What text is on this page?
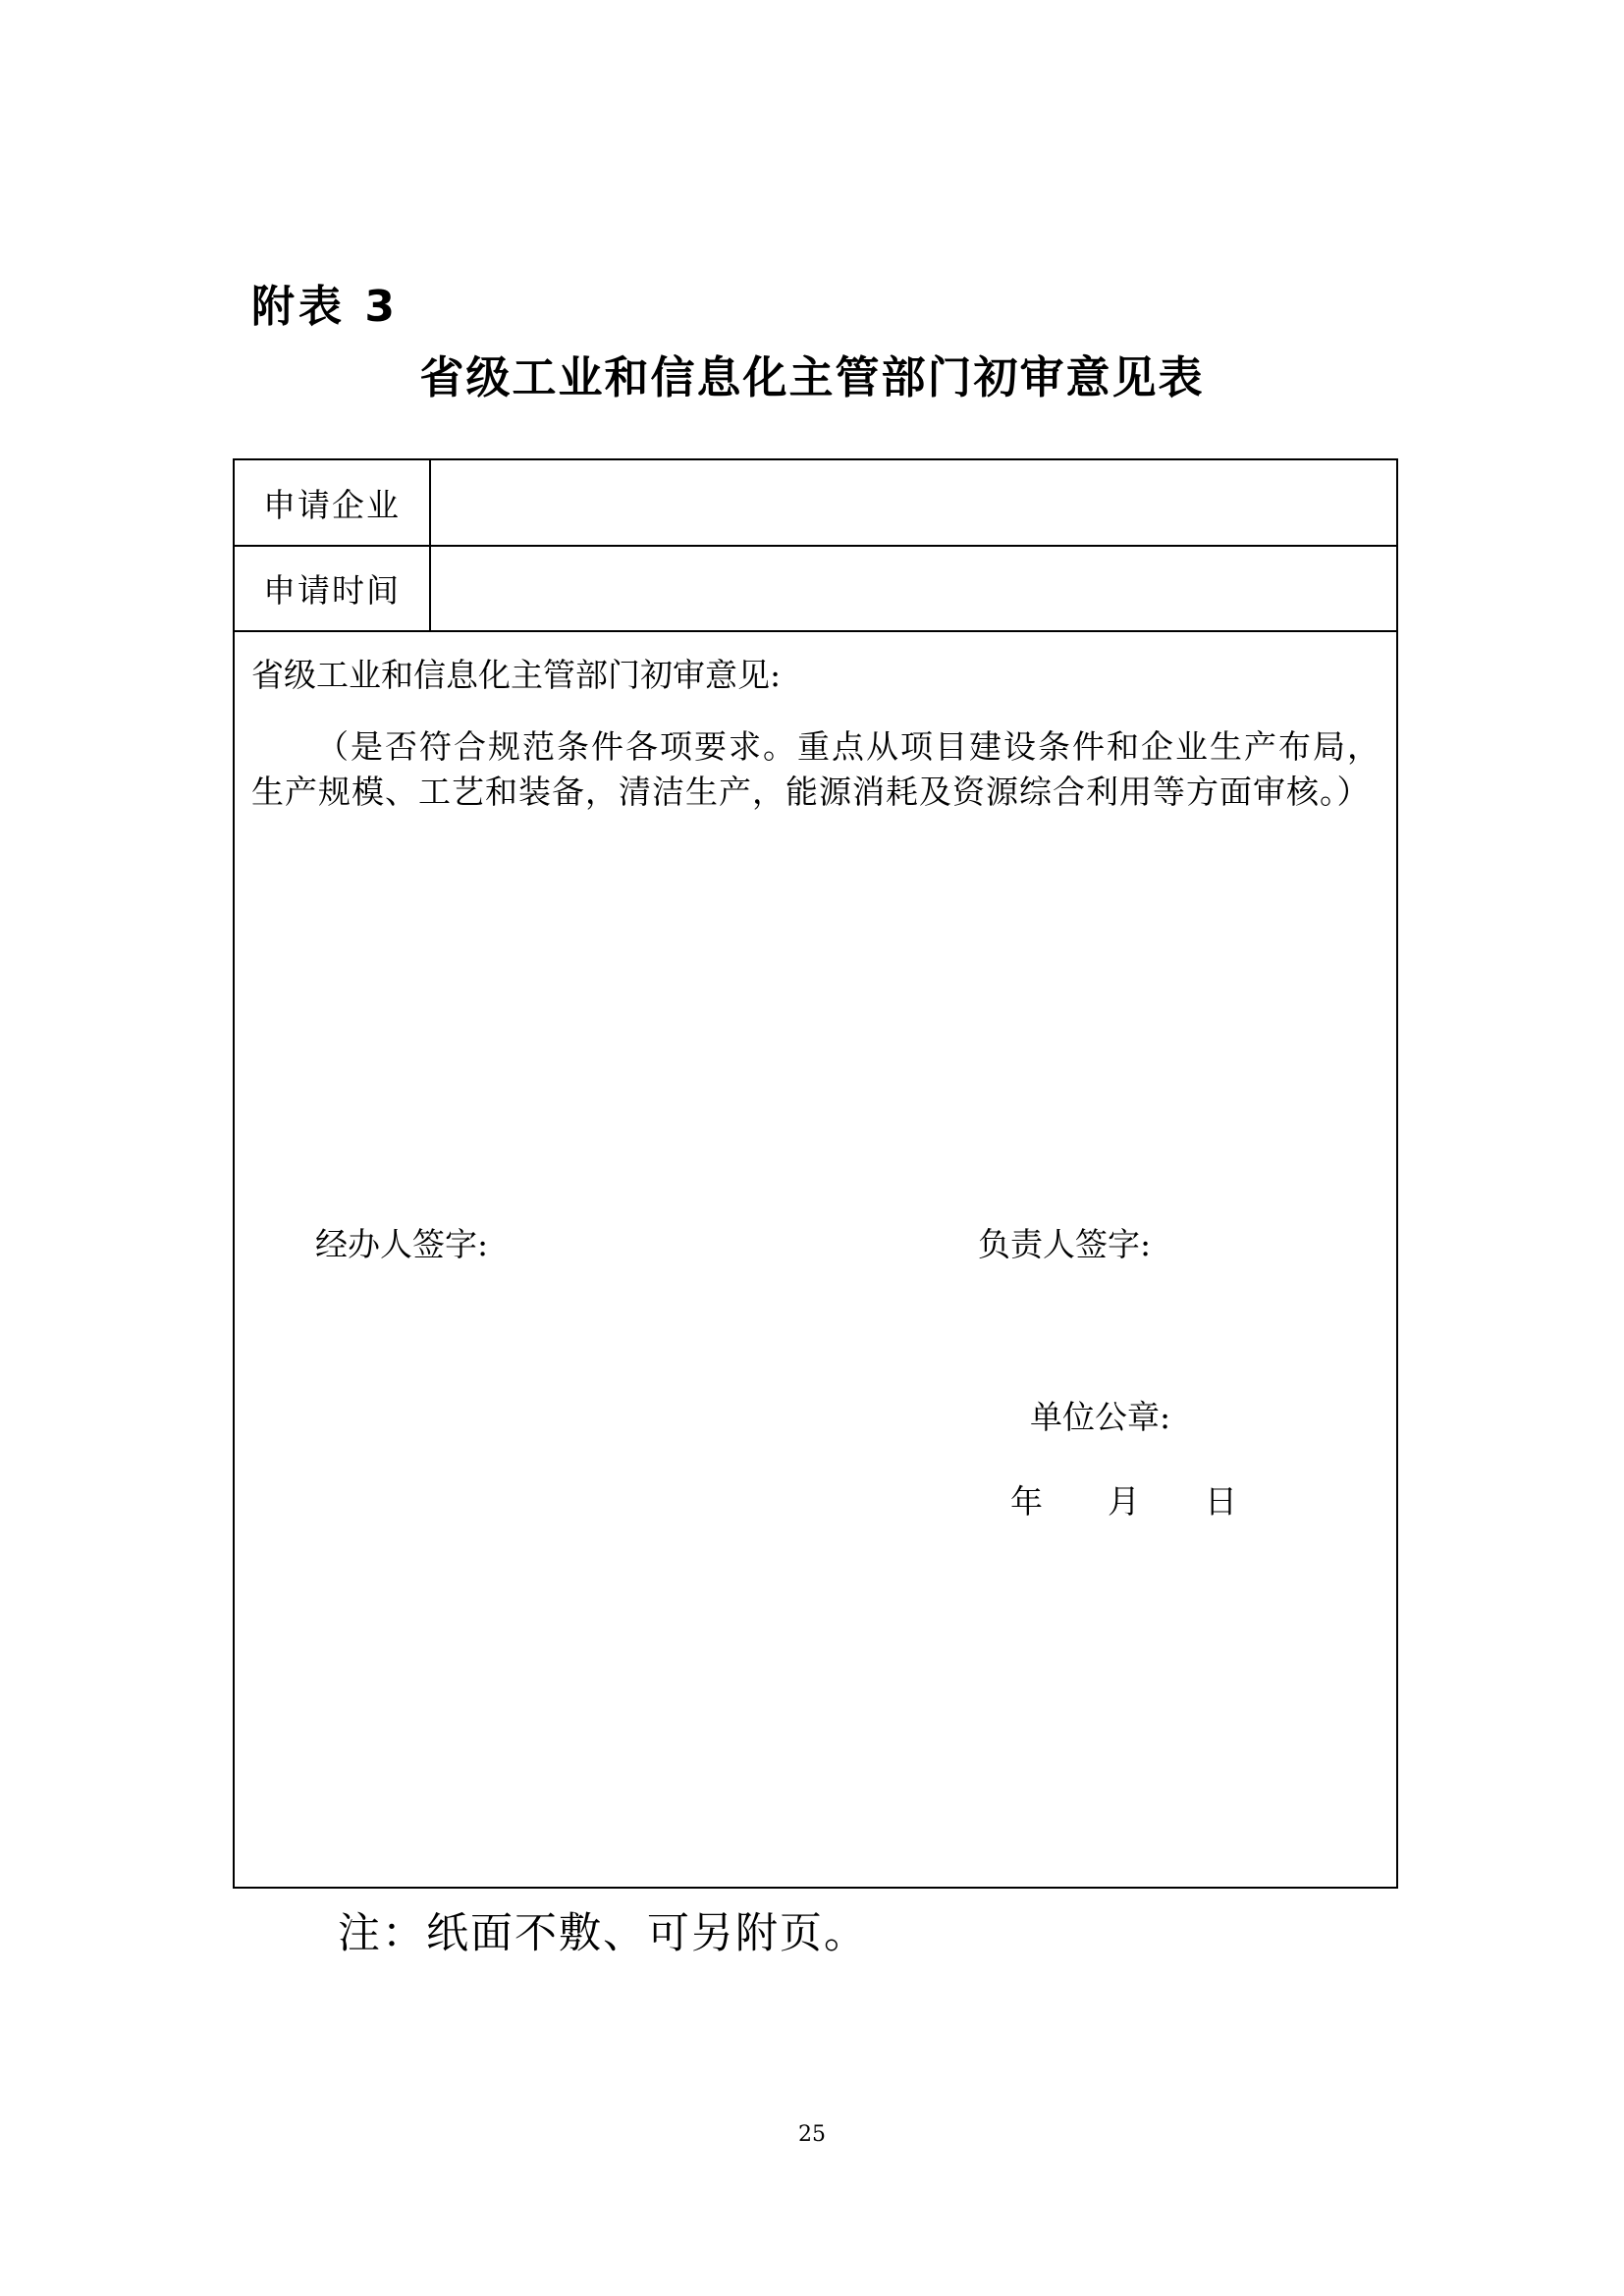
附表 3
省级工业和信息化主管部门初审意见表
申请企业
申请时间
省级工业和信息化主管部门初审意见:
（是否符合规范条件各项要求。重点从项目建设条件和企业生产布局，生产规模、工艺和装备，清洁生产，能源消耗及资源综合利用等方面审核。）
经办人签字:	负责人签字:
单位公章:
年 月 日
注：纸面不敷、可另附页。
25
